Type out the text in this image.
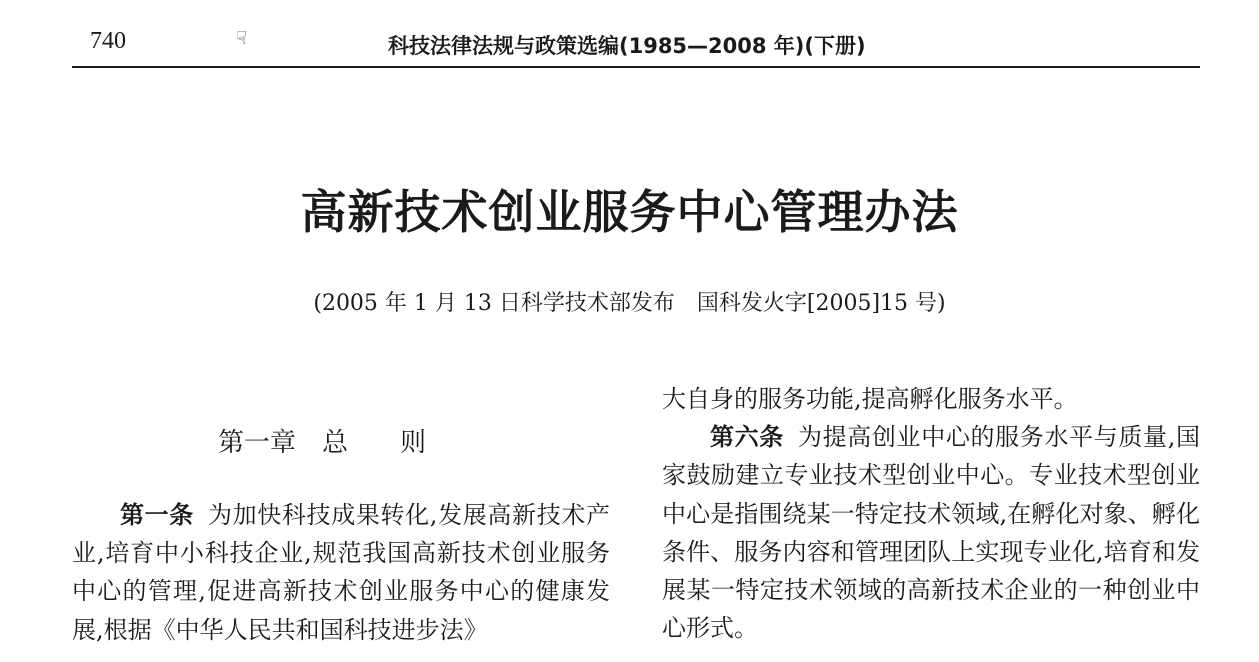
740	☟	科技法律法规与政策选编(1985—2008 年)(下册)
高新技术创业服务中心管理办法
(2005 年 1 月 13 日科学技术部发布　国科发火字[2005]15 号)
第一章　总　　则

第一条 为加快科技成果转化,发展高新技术产业,培育中小科技企业,规范我国高新技术创业服务中心的管理,促进高新技术创业服务中心的健康发展,根据《中华人民共和国科技进步法》

大自身的服务功能,提高孵化服务水平。

第六条 为提高创业中心的服务水平与质量,国家鼓励建立专业技术型创业中心。专业技术型创业中心是指围绕某一特定技术领域,在孵化对象、孵化条件、服务内容和管理团队上实现专业化,培育和发展某一特定技术领域的高新技术企业的一种创业中心形式。
